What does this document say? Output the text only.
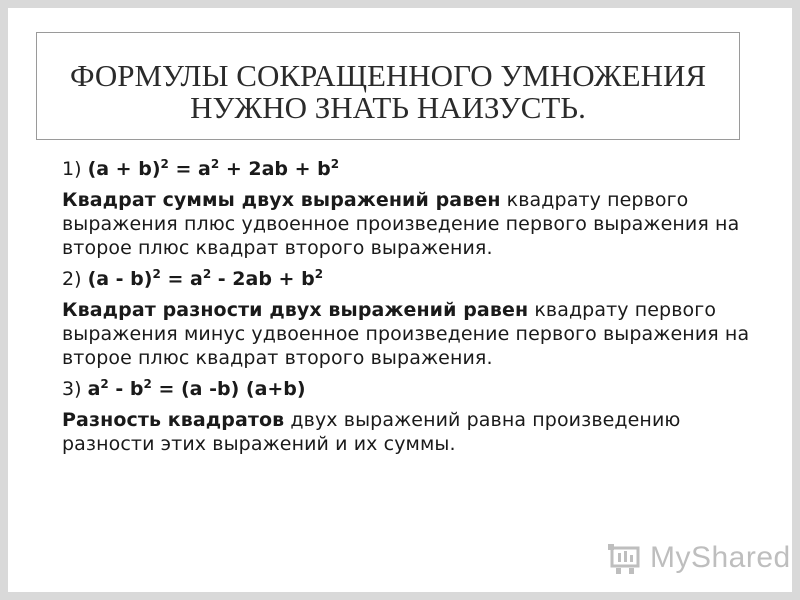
ФОРМУЛЫ СОКРАЩЕННОГО УМНОЖЕНИЯ
НУЖНО ЗНАТЬ НАИЗУСТЬ.

1) $(a + b)^2 = a^2 + 2ab + b^2$

Квадрат суммы двух выражений равен квадрату первого выражения плюс удвоенное произведение первого выражения на второе плюс квадрат второго выражения.

2) $(a - b)^2 = a^2 - 2ab + b^2$

Квадрат разности двух выражений равен квадрату первого выражения минус удвоенное произведение первого выражения на второе плюс квадрат второго выражения.

3) $a^2 - b^2 = (a$ -b) (a+b)

Разность квадратов двух выражений равна произведению разности этих выражений и их суммы.

MyShared
